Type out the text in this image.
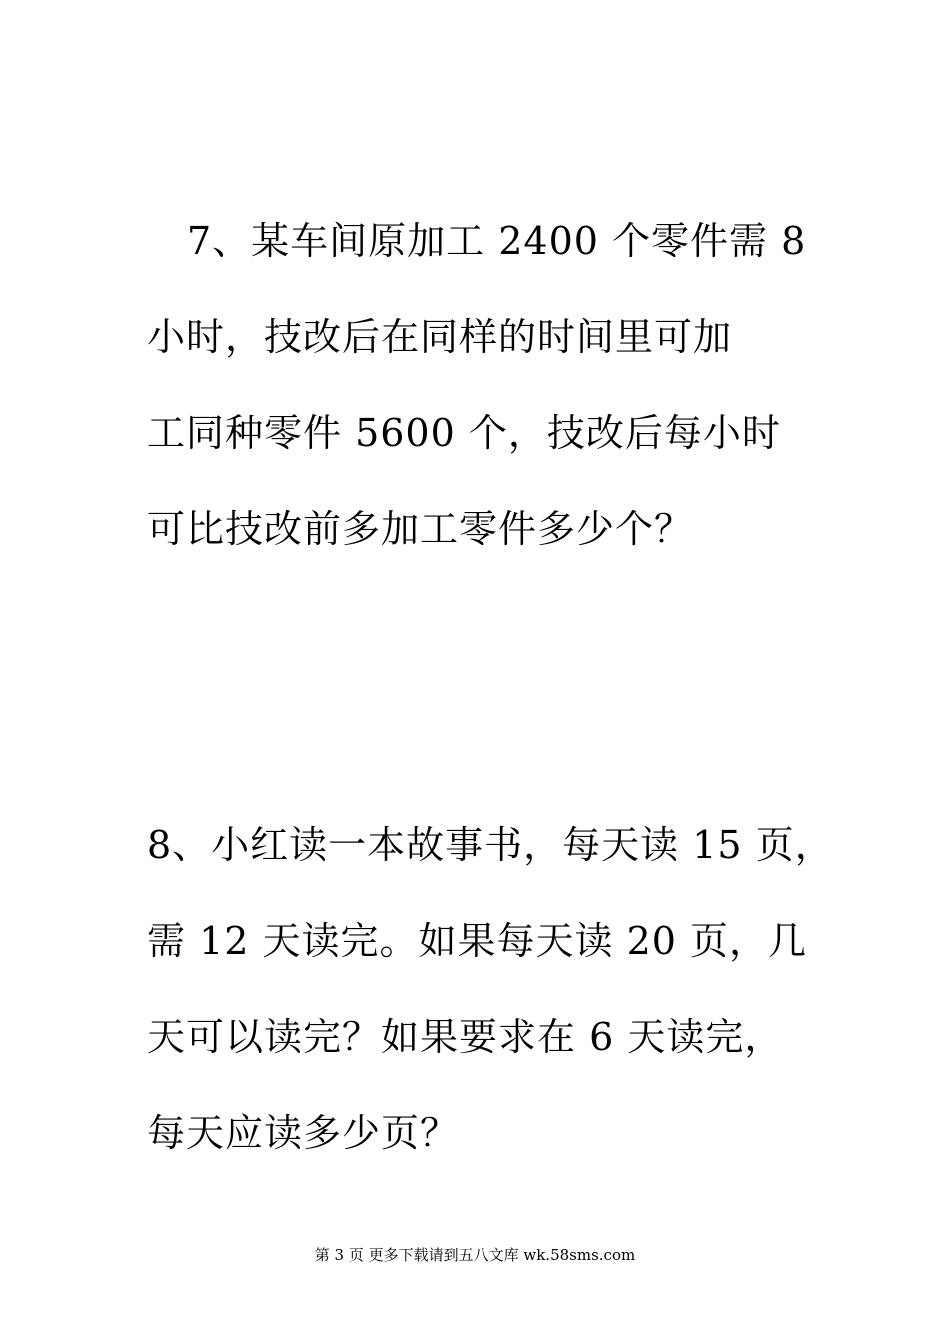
7、某车间原加工 2400 个零件需 8
小时，技改后在同样的时间里可加
工同种零件 5600 个，技改后每小时
可比技改前多加工零件多少个？
8、小红读一本故事书，每天读 15 页，
需 12 天读完。如果每天读 20 页，几
天可以读完？如果要求在 6 天读完，
每天应读多少页？
第 3 页 更多下载请到五八文库 wk.58sms.com
